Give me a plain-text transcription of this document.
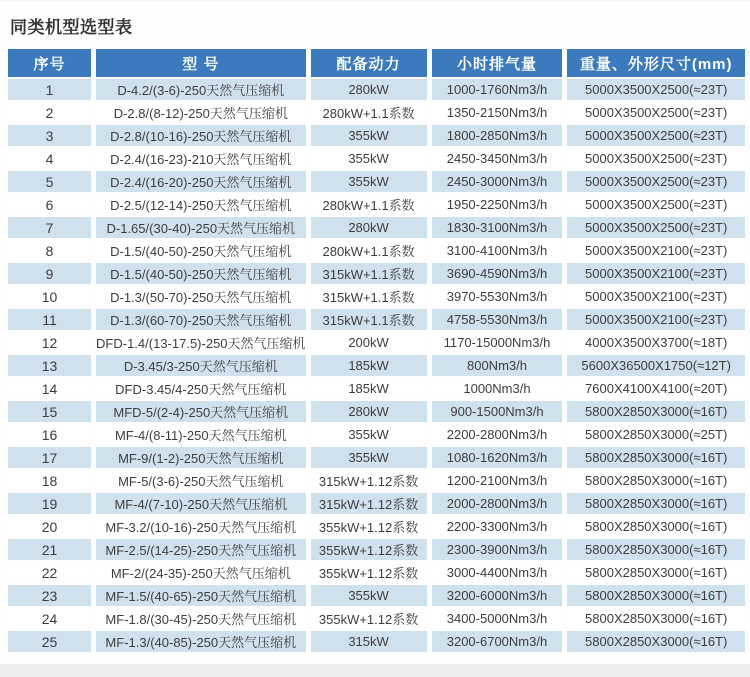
同类机型选型表
序号	型 号	配备动力	小时排气量	重量、外形尺寸(mm)
1	D-4.2/(3-6)-250天然气压缩机	280kW	1000-1760Nm3/h	5000X3500X2500(≈23T)
2	D-2.8/(8-12)-250天然气压缩机	280kW+1.1系数	1350-2150Nm3/h	5000X3500X2500(≈23T)
3	D-2.8/(10-16)-250天然气压缩机	355kW	1800-2850Nm3/h	5000X3500X2500(≈23T)
4	D-2.4/(16-23)-210天然气压缩机	355kW	2450-3450Nm3/h	5000X3500X2500(≈23T)
5	D-2.4/(16-20)-250天然气压缩机	355kW	2450-3000Nm3/h	5000X3500X2500(≈23T)
6	D-2.5/(12-14)-250天然气压缩机	280kW+1.1系数	1950-2250Nm3/h	5000X3500X2500(≈23T)
7	D-1.65/(30-40)-250天然气压缩机	280kW	1830-3100Nm3/h	5000X3500X2500(≈23T)
8	D-1.5/(40-50)-250天然气压缩机	280kW+1.1系数	3100-4100Nm3/h	5000X3500X2100(≈23T)
9	D-1.5/(40-50)-250天然气压缩机	315kW+1.1系数	3690-4590Nm3/h	5000X3500X2100(≈23T)
10	D-1.3/(50-70)-250天然气压缩机	315kW+1.1系数	3970-5530Nm3/h	5000X3500X2100(≈23T)
11	D-1.3/(60-70)-250天然气压缩机	315kW+1.1系数	4758-5530Nm3/h	5000X3500X2100(≈23T)
12	DFD-1.4/(13-17.5)-250天然气压缩机	200kW	1170-15000Nm3/h	4000X3500X3700(≈18T)
13	D-3.45/3-250天然气压缩机	185kW	800Nm3/h	5600X36500X1750(≈12T)
14	DFD-3.45/4-250天然气压缩机	185kW	1000Nm3/h	7600X4100X4100(≈20T)
15	MFD-5/(2-4)-250天然气压缩机	280kW	900-1500Nm3/h	5800X2850X3000(≈16T)
16	MF-4/(8-11)-250天然气压缩机	355kW	2200-2800Nm3/h	5800X2850X3000(≈25T)
17	MF-9/(1-2)-250天然气压缩机	355kW	1080-1620Nm3/h	5800X2850X3000(≈16T)
18	MF-5/(3-6)-250天然气压缩机	315kW+1.12系数	1200-2100Nm3/h	5800X2850X3000(≈16T)
19	MF-4/(7-10)-250天然气压缩机	315kW+1.12系数	2000-2800Nm3/h	5800X2850X3000(≈16T)
20	MF-3.2/(10-16)-250天然气压缩机	355kW+1.12系数	2200-3300Nm3/h	5800X2850X3000(≈16T)
21	MF-2.5/(14-25)-250天然气压缩机	355kW+1.12系数	2300-3900Nm3/h	5800X2850X3000(≈16T)
22	MF-2/(24-35)-250天然气压缩机	355kW+1.12系数	3000-4400Nm3/h	5800X2850X3000(≈16T)
23	MF-1.5/(40-65)-250天然气压缩机	355kW	3200-6000Nm3/h	5800X2850X3000(≈16T)
24	MF-1.8/(30-45)-250天然气压缩机	355kW+1.12系数	3400-5000Nm3/h	5800X2850X3000(≈16T)
25	MF-1.3/(40-85)-250天然气压缩机	315kW	3200-6700Nm3/h	5800X2850X3000(≈16T)
